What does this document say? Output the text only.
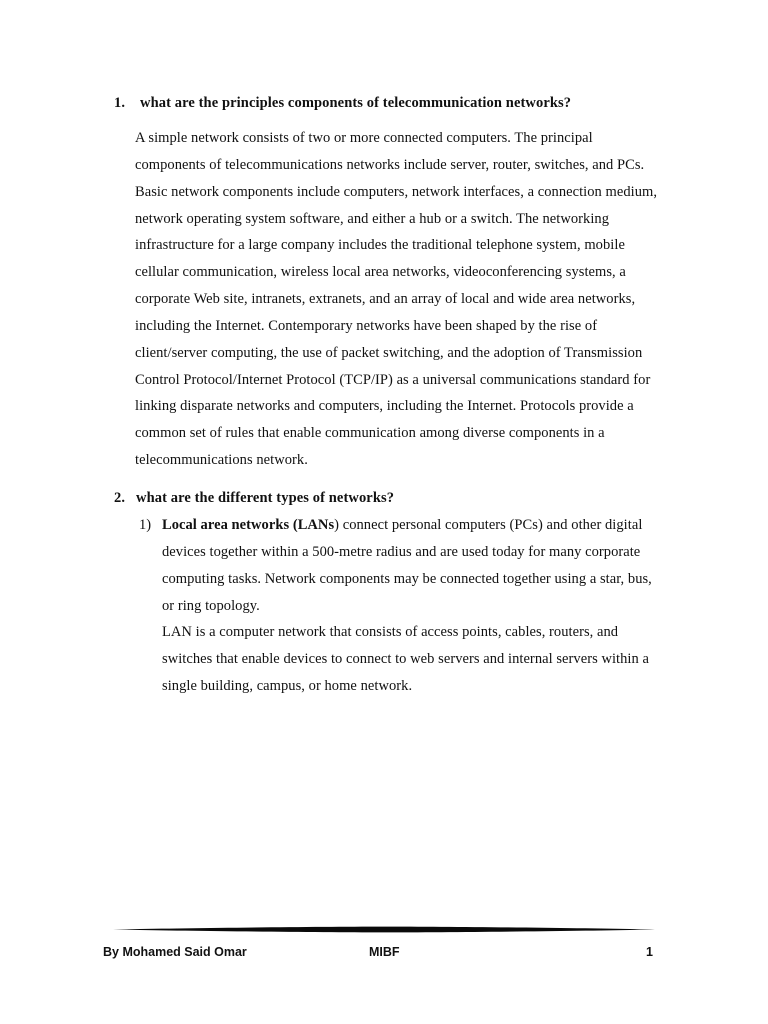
1. what are the principles components of telecommunication networks?
A simple network consists of two or more connected computers. The principal
components of telecommunications networks include server, router, switches, and PCs.
Basic network components include computers, network interfaces, a connection medium,
network operating system software, and either a hub or a switch. The networking
infrastructure for a large company includes the traditional telephone system, mobile
cellular communication, wireless local area networks, videoconferencing systems, a
corporate Web site, intranets, extranets, and an array of local and wide area networks,
including the Internet. Contemporary networks have been shaped by the rise of
client/server computing, the use of packet switching, and the adoption of Transmission
Control Protocol/Internet Protocol (TCP/IP) as a universal communications standard for
linking disparate networks and computers, including the Internet. Protocols provide a
common set of rules that enable communication among diverse components in a
telecommunications network.
2. what are the different types of networks?
1) Local area networks (LANs) connect personal computers (PCs) and other digital
devices together within a 500-metre radius and are used today for many corporate
computing tasks. Network components may be connected together using a star, bus,
or ring topology.
LAN is a computer network that consists of access points, cables, routers, and
switches that enable devices to connect to web servers and internal servers within a
single building, campus, or home network.
By Mohamed Said Omar	MIBF	1
